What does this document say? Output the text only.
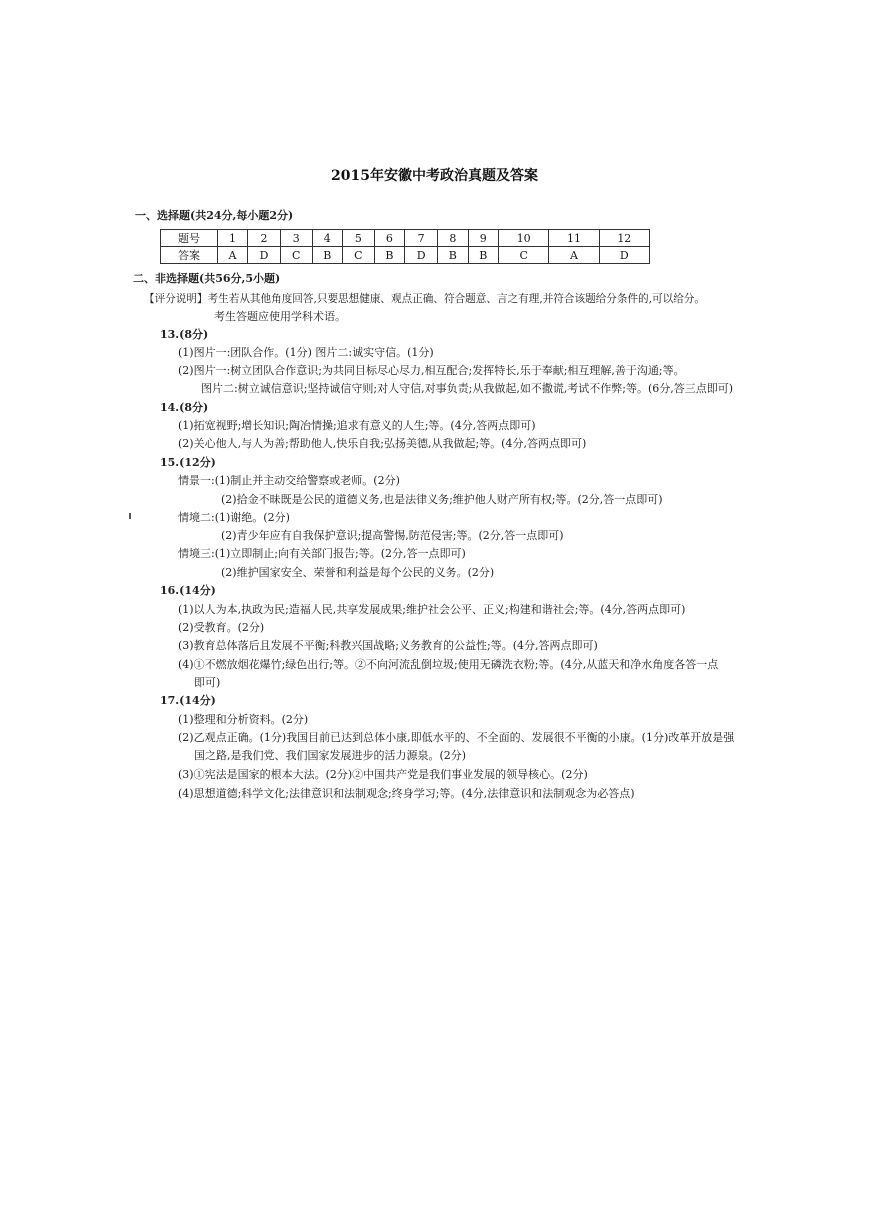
2015年安徽中考政治真题及答案
一、选择题(共24分,每小题2分)
题号	1	2	3	4	5	6	7	8	9	10	11	12
答案	A	D	C	B	C	B	D	B	B	C	A	D
二、非选择题(共56分,5小题)
【评分说明】考生若从其他角度回答,只要思想健康、观点正确、符合题意、言之有理,并符合该题给分条件的,可以给分。
考生答题应使用学科术语。
13.(8分)
(1)图片一:团队合作。(1分) 图片二:诚实守信。(1分)
(2)图片一:树立团队合作意识;为共同目标尽心尽力,相互配合;发挥特长,乐于奉献;相互理解,善于沟通;等。
图片二:树立诚信意识;坚持诚信守则;对人守信,对事负责;从我做起,如不撒谎,考试不作弊;等。(6分,答三点即可)
14.(8分)
(1)拓宽视野;增长知识;陶冶情操;追求有意义的人生;等。(4分,答两点即可)
(2)关心他人,与人为善;帮助他人,快乐自我;弘扬美德,从我做起;等。(4分,答两点即可)
15.(12分)
情景一:(1)制止并主动交给警察或老师。(2分)
(2)拾金不昧既是公民的道德义务,也是法律义务;维护他人财产所有权;等。(2分,答一点即可)
情境二:(1)谢绝。(2分)
(2)青少年应有自我保护意识;提高警惕,防范侵害;等。(2分,答一点即可)
情境三:(1)立即制止;向有关部门报告;等。(2分,答一点即可)
(2)维护国家安全、荣誉和利益是每个公民的义务。(2分)
16.(14分)
(1)以人为本,执政为民;造福人民,共享发展成果;维护社会公平、正义;构建和谐社会;等。(4分,答两点即可)
(2)受教育。(2分)
(3)教育总体落后且发展不平衡;科教兴国战略;义务教育的公益性;等。(4分,答两点即可)
(4)①不燃放烟花爆竹;绿色出行;等。②不向河流乱倒垃圾;使用无磷洗衣粉;等。(4分,从蓝天和净水角度各答一点
即可)
17.(14分)
(1)整理和分析资料。(2分)
(2)乙观点正确。(1分)我国目前已达到总体小康,即低水平的、不全面的、发展很不平衡的小康。(1分)改革开放是强
国之路,是我们党、我们国家发展进步的活力源泉。(2分)
(3)①宪法是国家的根本大法。(2分)②中国共产党是我们事业发展的领导核心。(2分)
(4)思想道德;科学文化;法律意识和法制观念;终身学习;等。(4分,法律意识和法制观念为必答点)
